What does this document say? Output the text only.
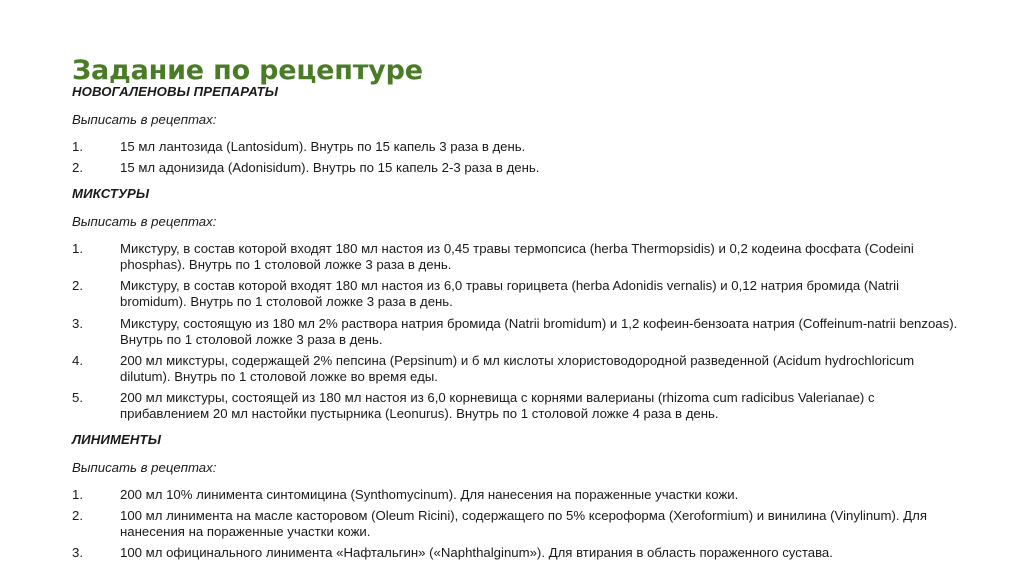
Задание по рецептуре
НОВОГАЛЕНОВЫ ПРЕПАРАТЫ
Выписать в рецептах:
1.	15 мл лантозида (Lantosidum). Внутрь по 15 капель 3 раза в день.
2.	15 мл адонизида (Adonisidum). Внутрь по 15 капель 2-3 раза в день.
МИКСТУРЫ
Выписать в рецептах:
1.	Микстуру, в состав которой входят 180 мл настоя из 0,45 травы термопсиса (herba Thermopsidis) и 0,2 кодеина фосфата (Codeini phosphas). Внутрь по 1 столовой ложке 3 раза в день.
2.	Микстуру, в состав которой входят 180 мл настоя из 6,0 травы горицвета (herba Adonidis vernalis) и 0,12 натрия бромида (Natrii bromidum). Внутрь по 1 столовой ложке 3 раза в день.
3.	Микстуру, состоящую из 180 мл 2% раствора натрия бромида (Natrii bromidum) и 1,2 кофеин-бензоата натрия (Coffeinum-natrii benzoas). Внутрь по 1 столовой ложке 3 раза в день.
4.	200 мл микстуры, содержащей 2% пепсина (Pepsinum) и б мл кислоты хлористоводородной разведенной (Acidum hydrochloricum dilutum). Внутрь по 1 столовой ложке во время еды.
5.	200 мл микстуры, состоящей из 180 мл настоя из 6,0 корневища с корнями валерианы (rhizoma cum radicibus Valerianae) с прибавлением 20 мл настойки пустырника (Leonurus). Внутрь по 1 столовой ложке 4 раза в день.
ЛИНИМЕНТЫ
Выписать в рецептах:
1.	200 мл 10% линимента синтомицина (Synthomycinum). Для нанесения на пораженные участки кожи.
2.	100 мл линимента на масле касторовом (Oleum Ricini), содержащего по 5% ксероформа (Xeroformium) и винилина (Vinylinum). Для нанесения на пораженные участки кожи.
3.	100 мл официнального линимента «Нафтальгин» («Naphthalginum»). Для втирания в область пораженного сустава.
